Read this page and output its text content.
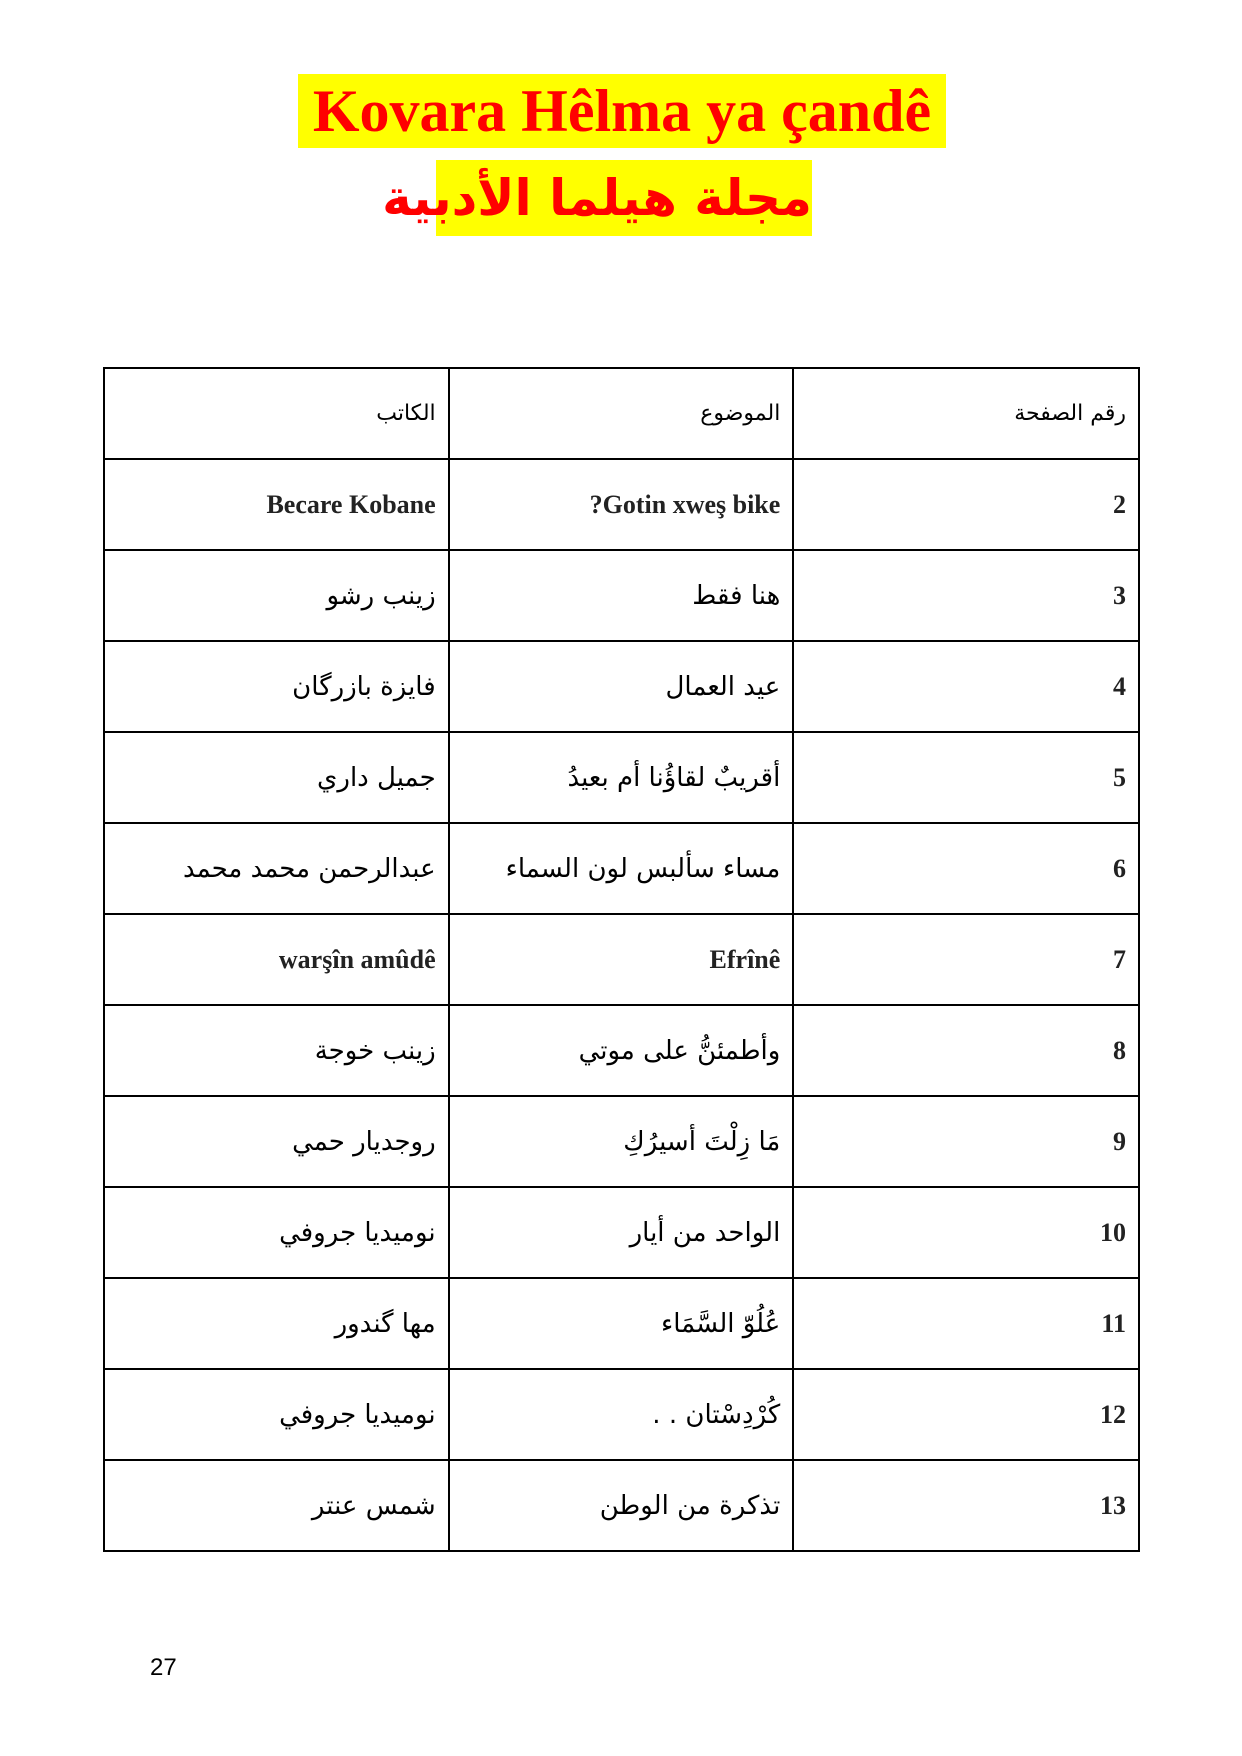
Kovara Hêlma ya çandê
مجلة هيلما الأدبية
الكاتب	الموضوع	رقم الصفحة
Becare Kobane	?Gotin xweş bike	2
زينب رشو	هنا فقط	3
فايزة بازرگان	عيد العمال	4
جميل داري	أقريبٌ لقاؤُنا أم بعيدُ	5
عبدالرحمن محمد محمد	مساء سألبس لون السماء	6
warşîn amûdê	Efrînê	7
زينب خوجة	وأطمئنُّ على موتي	8
روجديار حمي	مَا زِلْتَ أسيرُكِ	9
نوميديا جروفي	الواحد من أيار	10
مها گندور	عُلُوّ السَّمَاء	11
نوميديا جروفي	كُرْدِسْتان . .	12
شمس عنتر	تذكرة من الوطن	13
27
